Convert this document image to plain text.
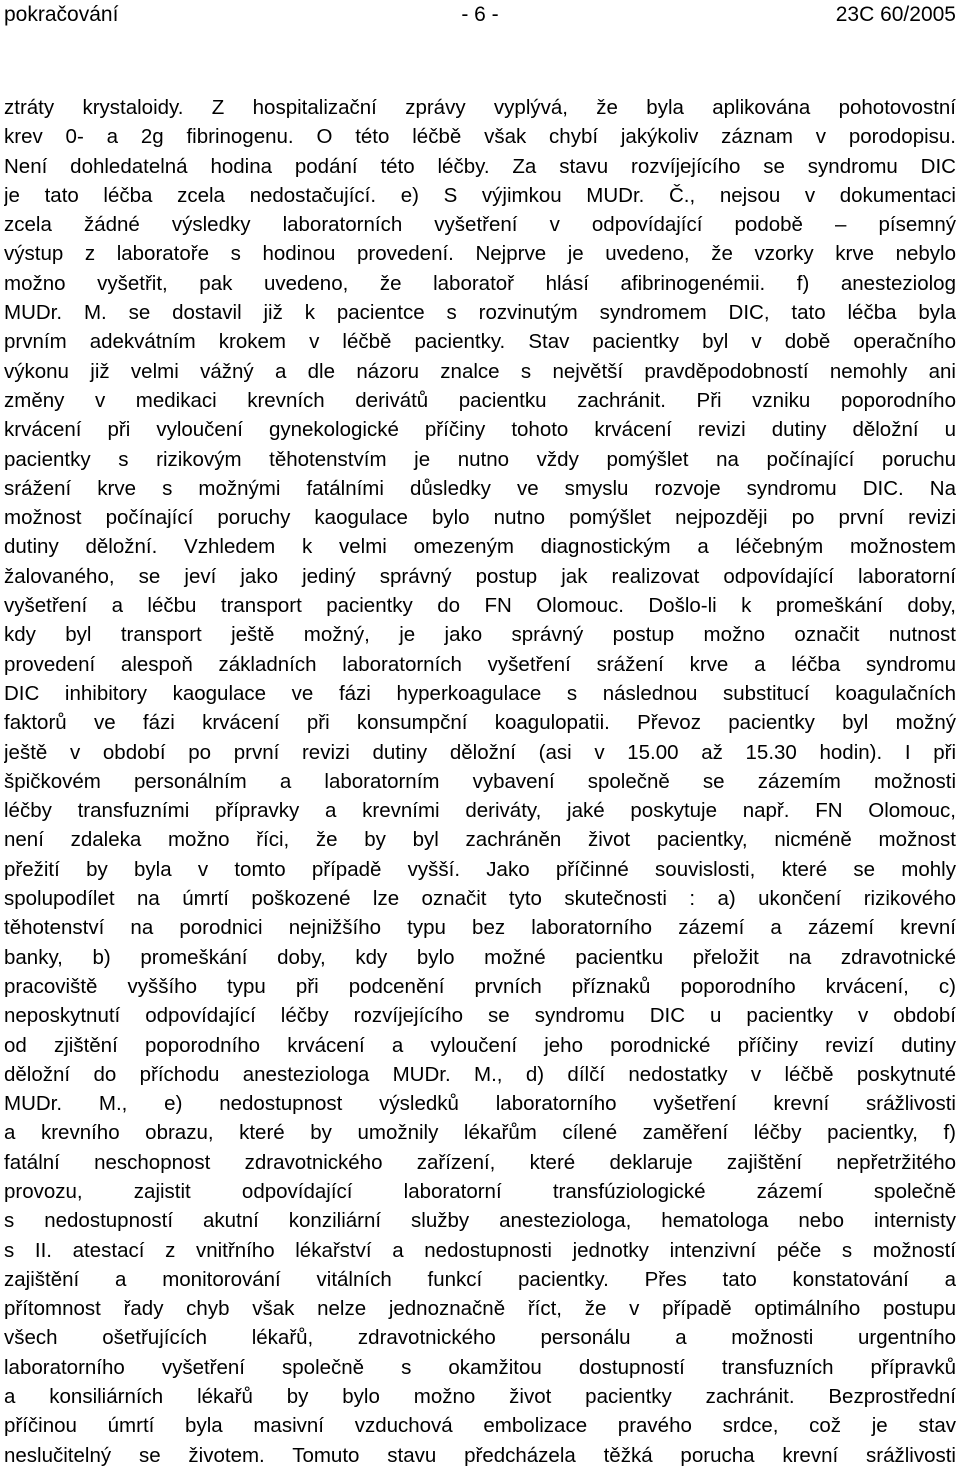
pokračování	- 6 -	23C 60/2005
ztráty krystaloidy. Z hospitalizační zprávy vyplývá, že byla aplikována pohotovostní
krev 0- a 2g fibrinogenu. O této léčbě však chybí jakýkoliv záznam v porodopisu.
Není dohledatelná hodina podání této léčby. Za stavu rozvíjejícího se syndromu DIC
je tato léčba zcela nedostačující. e) S výjimkou MUDr. Č., nejsou v dokumentaci
zcela žádné výsledky laboratorních vyšetření v odpovídající podobě – písemný
výstup z laboratoře s hodinou provedení. Nejprve je uvedeno, že vzorky krve nebylo
možno vyšetřit, pak uvedeno, že laboratoř hlásí afibrinogenémii. f) anesteziolog
MUDr. M. se dostavil již k pacientce s rozvinutým syndromem DIC, tato léčba byla
prvním adekvátním krokem v léčbě pacientky. Stav pacientky byl v době operačního
výkonu již velmi vážný a dle názoru znalce s největší pravděpodobností nemohly ani
změny v medikaci krevních derivátů pacientku zachránit. Při vzniku poporodního
krvácení při vyloučení gynekologické příčiny tohoto krvácení revizi dutiny děložní u
pacientky s rizikovým těhotenstvím je nutno vždy pomýšlet na počínající poruchu
srážení krve s možnými fatálními důsledky ve smyslu rozvoje syndromu DIC. Na
možnost počínající poruchy kaogulace bylo nutno pomýšlet nejpozději po první revizi
dutiny děložní. Vzhledem k velmi omezeným diagnostickým a léčebným možnostem
žalovaného, se jeví jako jediný správný postup jak realizovat odpovídající laboratorní
vyšetření a léčbu transport pacientky do FN Olomouc. Došlo-li k promeškání doby,
kdy byl transport ještě možný, je jako správný postup možno označit nutnost
provedení alespoň základních laboratorních vyšetření srážení krve a léčba syndromu
DIC inhibitory kaogulace ve fázi hyperkoagulace s následnou substitucí koagulačních
faktorů ve fázi krvácení při konsumpční koagulopatii. Převoz pacientky byl možný
ještě v období po první revizi dutiny děložní (asi v 15.00 až 15.30 hodin). I při
špičkovém personálním a laboratorním vybavení společně se zázemím možnosti
léčby transfuzními přípravky a krevními deriváty, jaké poskytuje např. FN Olomouc,
není zdaleka možno říci, že by byl zachráněn život pacientky, nicméně možnost
přežití by byla v tomto případě vyšší. Jako příčinné souvislosti, které se mohly
spolupodílet na úmrtí poškozené lze označit tyto skutečnosti : a) ukončení rizikového
těhotenství na porodnici nejnižšího typu bez laboratorního zázemí a zázemí krevní
banky, b) promeškání doby, kdy bylo možné pacientku přeložit na zdravotnické
pracoviště vyššího typu při podcenění prvních příznaků poporodního krvácení, c)
neposkytnutí odpovídající léčby rozvíjejícího se syndromu DIC u pacientky v období
od zjištění poporodního krvácení a vyloučení jeho porodnické příčiny revizí dutiny
děložní do příchodu anesteziologa MUDr. M., d) dílčí nedostatky v léčbě poskytnuté
MUDr. M., e) nedostupnost výsledků laboratorního vyšetření krevní srážlivosti
a krevního obrazu, které by umožnily lékařům cílené zaměření léčby pacientky, f)
fatální neschopnost zdravotnického zařízení, které deklaruje zajištění nepřetržitého
provozu, zajistit odpovídající laboratorní transfúziologické zázemí společně
s nedostupností akutní konziliární služby anesteziologa, hematologa nebo internisty
s II. atestací z vnitřního lékařství a nedostupnosti jednotky intenzivní péče s možností
zajištění a monitorování vitálních funkcí pacientky. Přes tato konstatování a
přítomnost řady chyb však nelze jednoznačně říct, že v případě optimálního postupu
všech ošetřujících lékařů, zdravotnického personálu a možnosti urgentního
laboratorního vyšetření společně s okamžitou dostupností transfuzních přípravků
a konsiliárních lékařů by bylo možno život pacientky zachránit. Bezprostřední
příčinou úmrtí byla masivní vzduchová embolizace pravého srdce, což je stav
neslučitelný se životem. Tomuto stavu předcházela těžká porucha krevní srážlivosti
